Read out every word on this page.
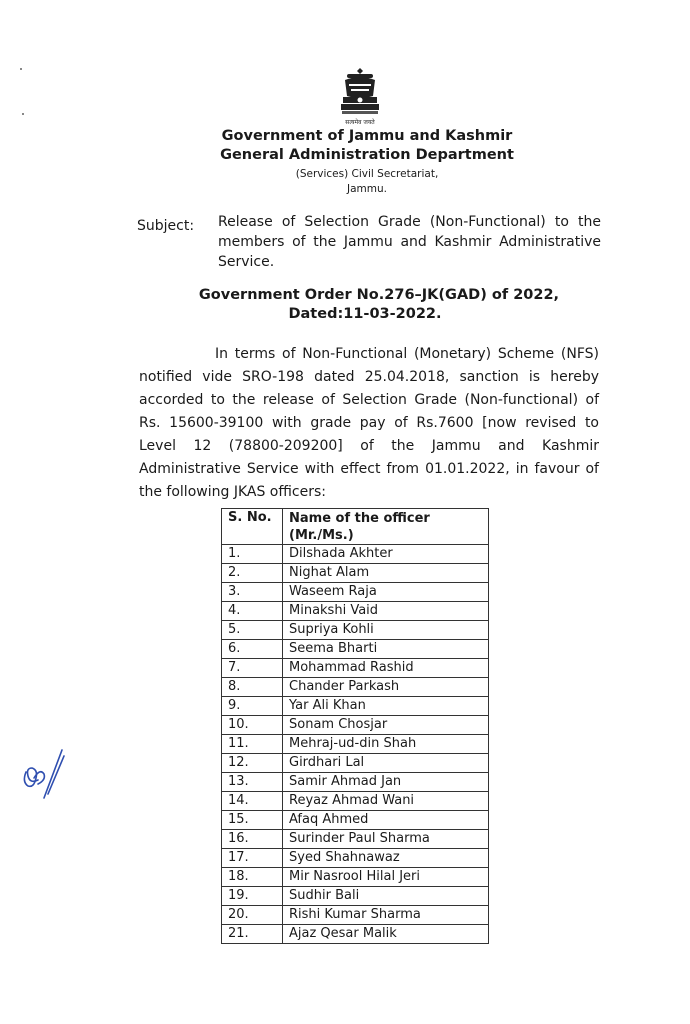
सत्यमेव जयते
Government of Jammu and Kashmir
General Administration Department
(Services) Civil Secretariat,
Jammu.
Subject: Release of Selection Grade (Non-Functional) to the members of the Jammu and Kashmir Administrative Service.
Government Order No.276–JK(GAD) of 2022,
Dated:11-03-2022.
In terms of Non-Functional (Monetary) Scheme (NFS) notified vide SRO-198 dated 25.04.2018, sanction is hereby accorded to the release of Selection Grade (Non-functional) of Rs. 15600-39100 with grade pay of Rs.7600 [now revised to Level 12 (78800-209200] of the Jammu and Kashmir Administrative Service with effect from 01.01.2022, in favour of the following JKAS officers:
S. No.	Name of the officer (Mr./Ms.)
1.	Dilshada Akhter
2.	Nighat Alam
3.	Waseem Raja
4.	Minakshi Vaid
5.	Supriya Kohli
6.	Seema Bharti
7.	Mohammad Rashid
8.	Chander Parkash
9.	Yar Ali Khan
10.	Sonam Chosjar
11.	Mehraj-ud-din Shah
12.	Girdhari Lal
13.	Samir Ahmad Jan
14.	Reyaz Ahmad Wani
15.	Afaq Ahmed
16.	Surinder Paul Sharma
17.	Syed Shahnawaz
18.	Mir Nasrool Hilal Jeri
19.	Sudhir Bali
20.	Rishi Kumar Sharma
21.	Ajaz Qesar Malik
